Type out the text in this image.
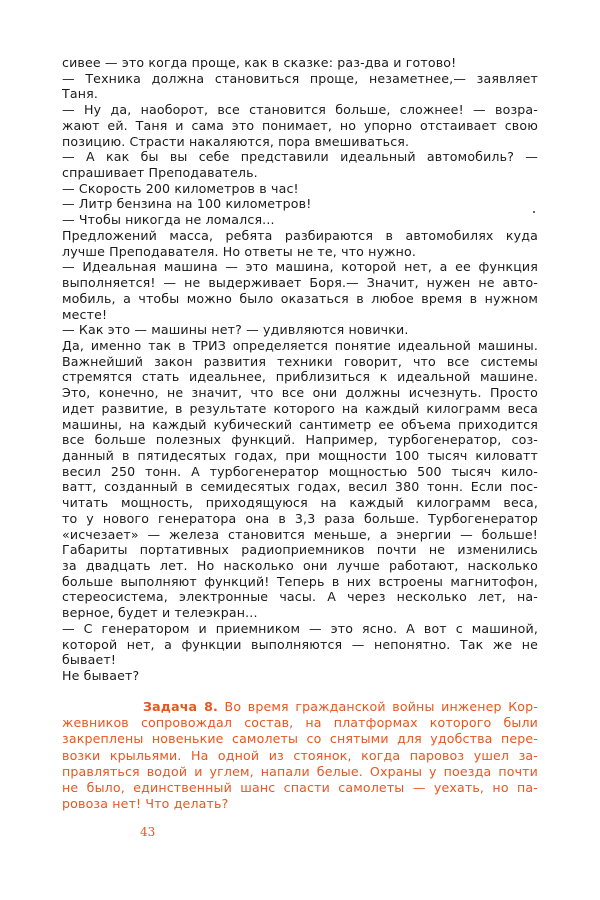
сивее — это когда проще, как в сказке: раз-два и готово!
— Техника должна становиться проще, незаметнее,— заявляет
Таня.
— Ну да, наоборот, все становится больше, сложнее! — возра-
жают ей. Таня и сама это понимает, но упорно отстаивает свою
позицию. Страсти накаляются, пора вмешиваться.
— А как бы вы себе представили идеальный автомобиль? —
спрашивает Преподаватель.
— Скорость 200 километров в час!
— Литр бензина на 100 километров!
— Чтобы никогда не ломался...
Предложений масса, ребята разбираются в автомобилях куда
лучше Преподавателя. Но ответы не те, что нужно.
— Идеальная машина — это машина, которой нет, а ее функция
выполняется! — не выдерживает Боря.— Значит, нужен не авто-
мобиль, а чтобы можно было оказаться в любое время в нужном
месте!
— Как это — машины нет? — удивляются новички.
Да, именно так в ТРИЗ определяется понятие идеальной машины.
Важнейший закон развития техники говорит, что все системы
стремятся стать идеальнее, приблизиться к идеальной машине.
Это, конечно, не значит, что все они должны исчезнуть. Просто
идет развитие, в результате которого на каждый килограмм веса
машины, на каждый кубический сантиметр ее объема приходится
все больше полезных функций. Например, турбогенератор, соз-
данный в пятидесятых годах, при мощности 100 тысяч киловатт
весил 250 тонн. А турбогенератор мощностью 500 тысяч кило-
ватт, созданный в семидесятых годах, весил 380 тонн. Если пос-
читать мощность, приходящуюся на каждый килограмм веса,
то у нового генератора она в 3,3 раза больше. Турбогенератор
«исчезает» — железа становится меньше, а энергии — больше!
Габариты портативных радиоприемников почти не изменились
за двадцать лет. Но насколько они лучше работают, насколько
больше выполняют функций! Теперь в них встроены магнитофон,
стереосистема, электронные часы. А через несколько лет, на-
верное, будет и телеэкран...
— С генератором и приемником — это ясно. А вот с машиной,
которой нет, а функции выполняются — непонятно. Так же не
бывает!
Не бывает?
Задача 8. Во время гражданской войны инженер Кор-
жевников сопровождал состав, на платформах которого были
закреплены новенькие самолеты со снятыми для удобства пере-
возки крыльями. На одной из стоянок, когда паровоз ушел за-
правляться водой и углем, напали белые. Охраны у поезда почти
не было, единственный шанс спасти самолеты — уехать, но па-
ровоза нет! Что делать?
43
